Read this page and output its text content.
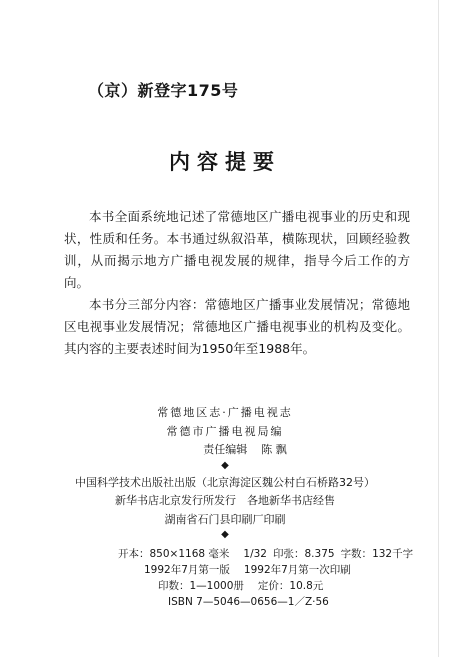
（京）新登字175号
内容提要

本书全面系统地记述了常德地区广播电视事业的历史和现状，性质和任务。本书通过纵叙沿革，横陈现状，回顾经验教训，从而揭示地方广播电视发展的规律，指导今后工作的方向。

本书分三部分内容：常德地区广播事业发展情况；常德地区电视事业发展情况；常德地区广播电视事业的机构及变化。其内容的主要表述时间为1950年至1988年。

常德地区志·广播电视志
常德市广播电视局编
责任编辑 陈 飘
◆
中国科学技术出版社出版（北京海淀区魏公村白石桥路32号）
新华书店北京发行所发行　各地新华书店经售
湖南省石门县印刷厂印刷
◆
开本：850×1168 毫米 1/32 印张：8.375 字数：132千字
1992年7月第一版 1992年7月第一次印刷
印数：1—1000册 定价：10.8元
ISBN 7—5046—0656—1／Z·56
